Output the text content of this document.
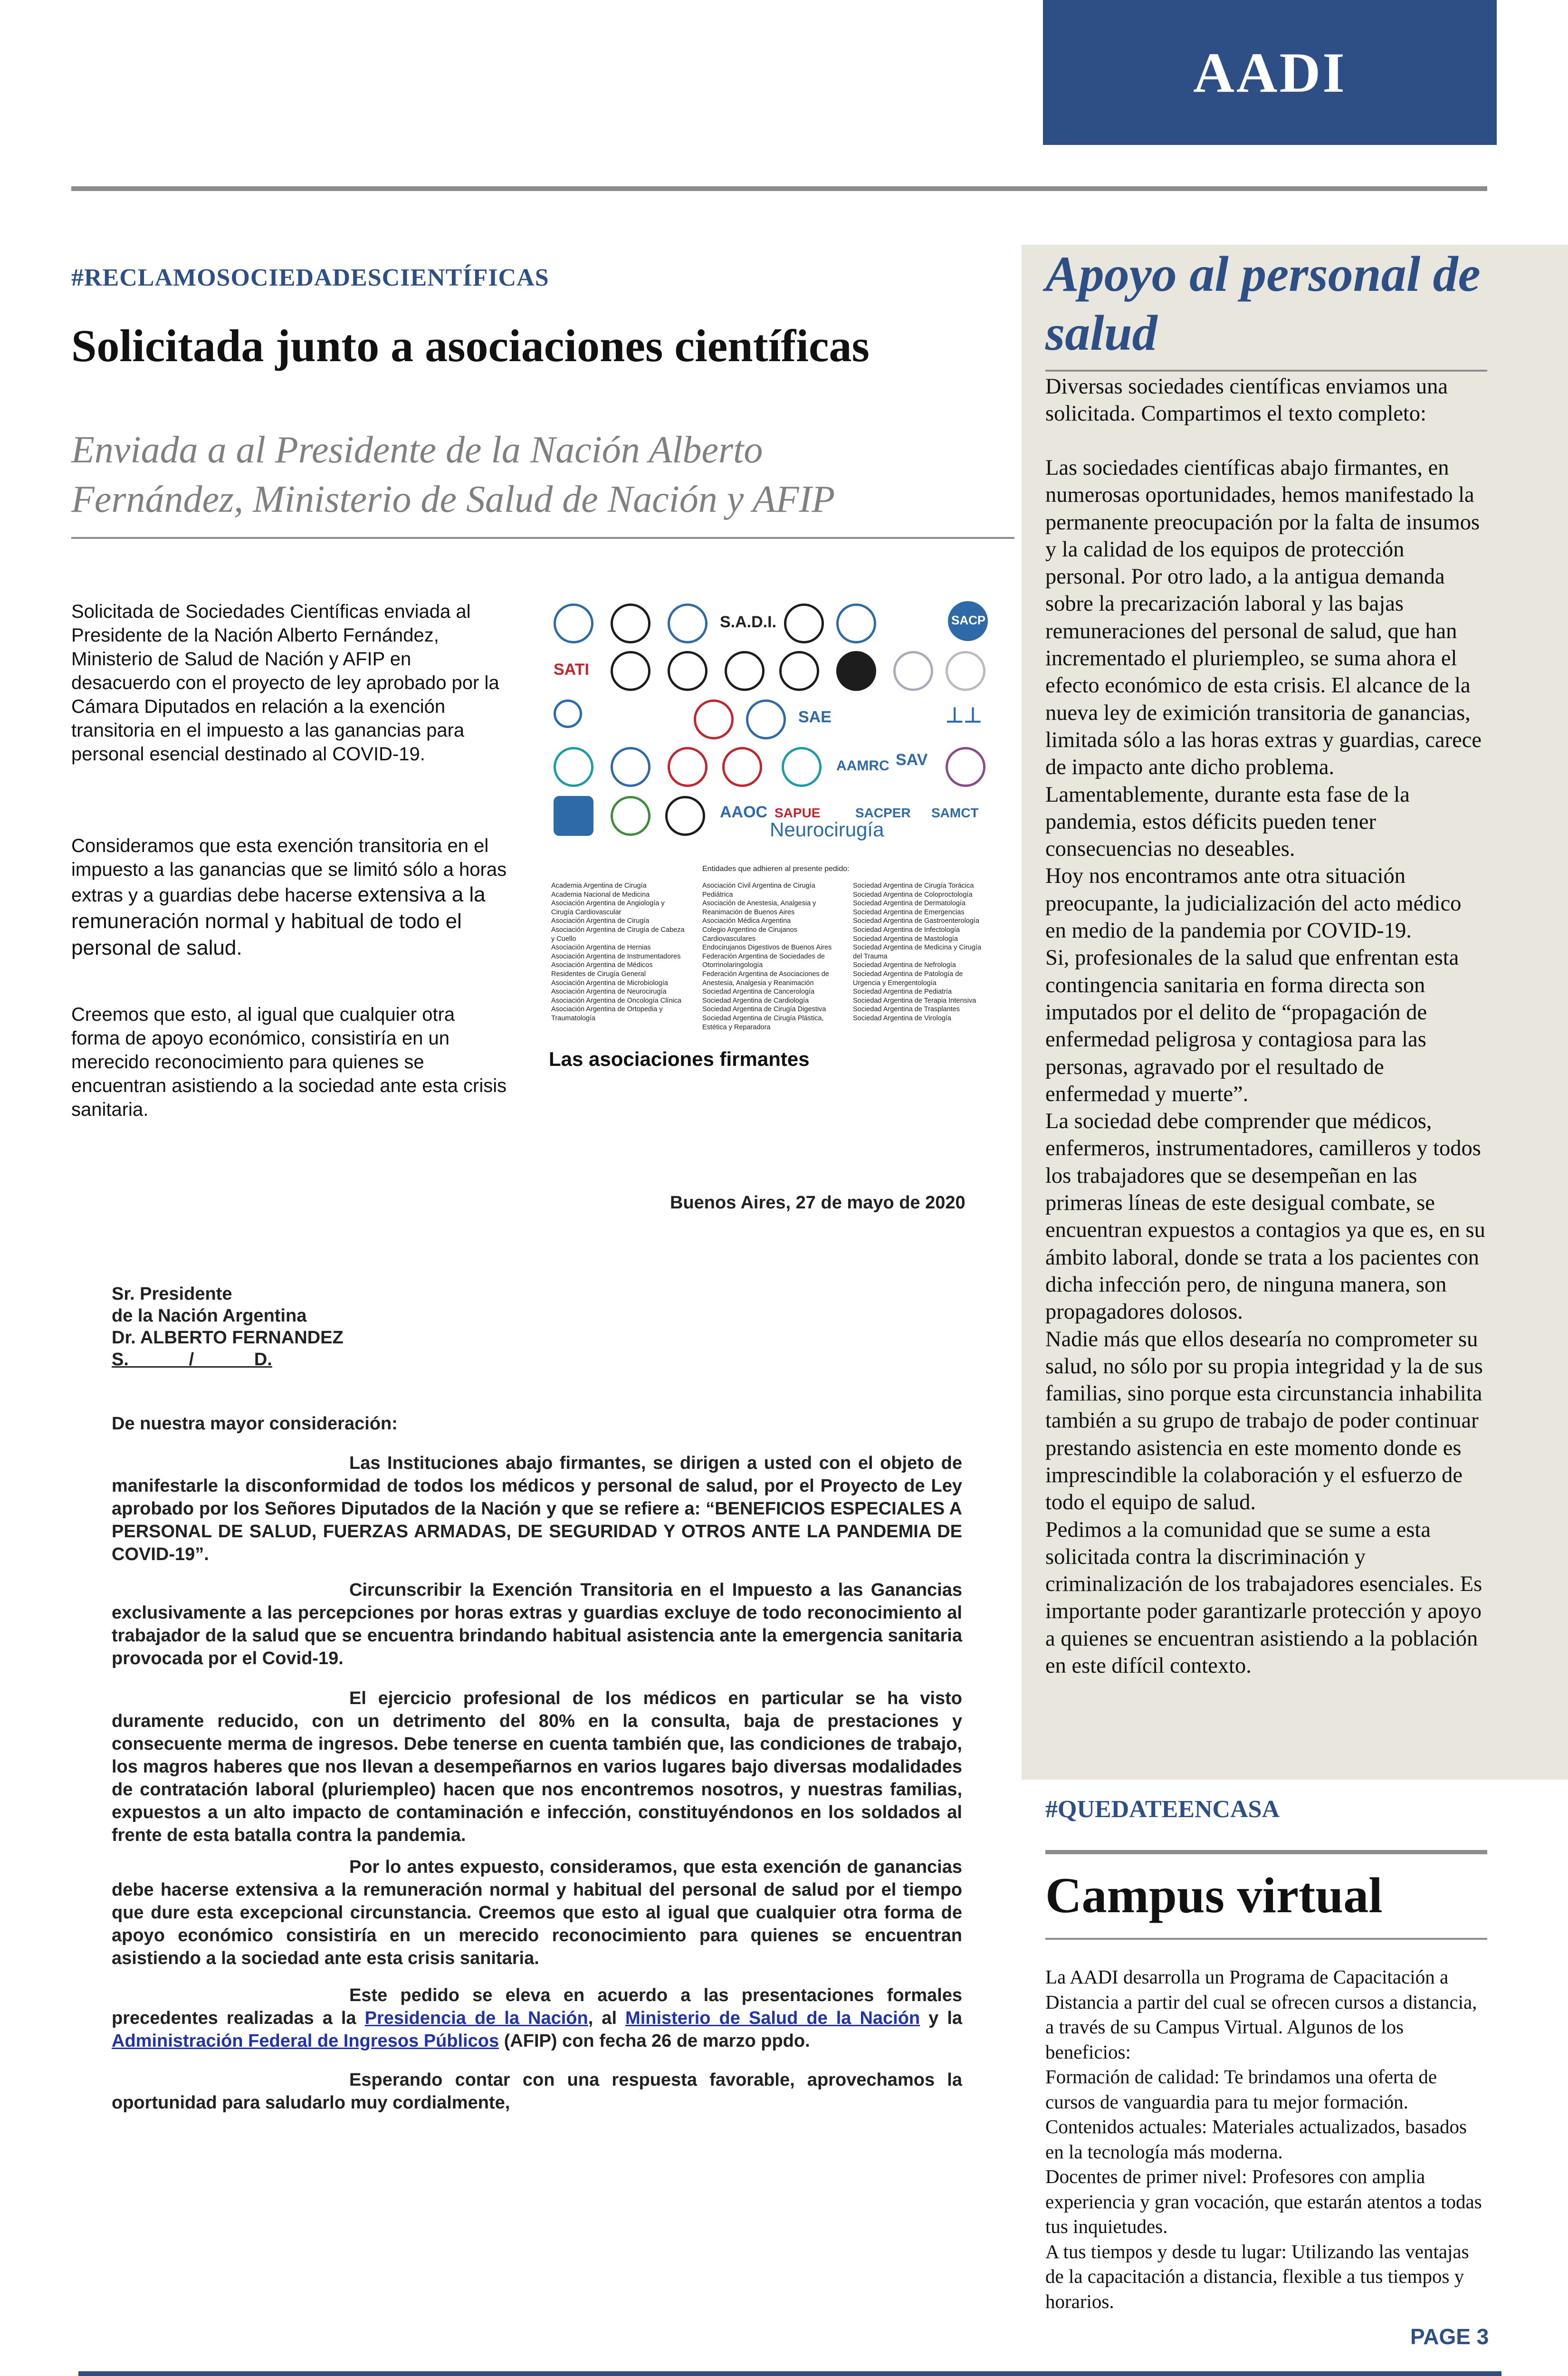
AADI
#RECLAMOSOCIEDADESCIENTÍFICAS
Solicitada junto a asociaciones científicas
Enviada a al Presidente de la Nación Alberto
Fernández, Ministerio de Salud de Nación y AFIP

Solicitada de Sociedades Científicas enviada al Presidente de la Nación Alberto Fernández, Ministerio de Salud de Nación y AFIP en desacuerdo con el proyecto de ley aprobado por la Cámara Diputados en relación a la exención transitoria en el impuesto a las ganancias para personal esencial destinado al COVID-19.

Consideramos que esta exención transitoria en el impuesto a las ganancias que se limitó sólo a horas extras y a guardias debe hacerse extensiva a la remuneración normal y habitual de todo el personal de salud.

Creemos que esto, al igual que cualquier otra forma de apoyo económico, consistiría en un merecido reconocimiento para quienes se encuentran asistiendo a la sociedad ante esta crisis sanitaria.

S.A.D.I.	SACP
SATI
SAE	⊥⊥
AAMRC SAV
AAOC SAPUE	SACPER SAMCT
Neurocirugía
Entidades que adhieren al presente pedido:
Academia Argentina de Cirugía
Academia Nacional de Medicina
Asociación Argentina de Angiología y
Cirugía Cardiovascular
Asociación Argentina de Cirugía
Asociación Argentina de Cirugía de Cabeza
y Cuello
Asociación Argentina de Hernias
Asociación Argentina de Instrumentadores
Asociación Argentina de Médicos
Residentes de Cirugía General
Asociación Argentina de Microbiología
Asociación Argentina de Neurocirugía
Asociación Argentina de Oncología Clínica
Asociación Argentina de Ortopedia y
Traumatología
Asociación Civil Argentina de Cirugía
Pediátrica
Asociación de Anestesia, Analgesia y
Reanimación de Buenos Aires
Asociación Médica Argentina
Colegio Argentino de Cirujanos
Cardiovasculares
Endocirujanos Digestivos de Buenos Aires
Federación Argentina de Sociedades de
Otorrinolaringología
Federación Argentina de Asociaciones de
Anestesia, Analgesia y Reanimación
Sociedad Argentina de Cancerología
Sociedad Argentina de Cardiología
Sociedad Argentina de Cirugía Digestiva
Sociedad Argentina de Cirugía Plástica,
Estética y Reparadora
Sociedad Argentina de Cirugía Torácica
Sociedad Argentina de Coloproctología
Sociedad Argentina de Dermatología
Sociedad Argentina de Emergencias
Sociedad Argentina de Gastroenterología
Sociedad Argentina de Infectología
Sociedad Argentina de Mastología
Sociedad Argentina de Medicina y Cirugía
del Trauma
Sociedad Argentina de Nefrología
Sociedad Argentina de Patología de
Urgencia y Emergentología
Sociedad Argentina de Pediatría
Sociedad Argentina de Terapia Intensiva
Sociedad Argentina de Trasplantes
Sociedad Argentina de Virología
Las asociaciones firmantes
Buenos Aires, 27 de mayo de 2020
Sr. Presidente
de la Nación Argentina
Dr. ALBERTO FERNANDEZ
S.            /            D.
De nuestra mayor consideración:

Las Instituciones abajo firmantes, se dirigen a usted con el objeto de manifestarle la disconformidad de todos los médicos y personal de salud, por el Proyecto de Ley aprobado por los Señores Diputados de la Nación y que se refiere a: “BENEFICIOS ESPECIALES A PERSONAL DE SALUD, FUERZAS ARMADAS, DE SEGURIDAD Y OTROS ANTE LA PANDEMIA DE COVID-19”.

Circunscribir la Exención Transitoria en el Impuesto a las Ganancias exclusivamente a las percepciones por horas extras y guardias excluye de todo reconocimiento al trabajador de la salud que se encuentra brindando habitual asistencia ante la emergencia sanitaria provocada por el Covid-19.

El ejercicio profesional de los médicos en particular se ha visto duramente reducido, con un detrimento del 80% en la consulta, baja de prestaciones y consecuente merma de ingresos. Debe tenerse en cuenta también que, las condiciones de trabajo, los magros haberes que nos llevan a desempeñarnos en varios lugares bajo diversas modalidades de contratación laboral (pluriempleo) hacen que nos encontremos nosotros, y nuestras familias, expuestos a un alto impacto de contaminación e infección, constituyéndonos en los soldados al frente de esta batalla contra la pandemia.

Por lo antes expuesto, consideramos, que esta exención de ganancias debe hacerse extensiva a la remuneración normal y habitual del personal de salud por el tiempo que dure esta excepcional circunstancia. Creemos que esto al igual que cualquier otra forma de apoyo económico consistiría en un merecido reconocimiento para quienes se encuentran asistiendo a la sociedad ante esta crisis sanitaria.

Este pedido se eleva en acuerdo a las presentaciones formales precedentes realizadas a la Presidencia de la Nación, al Ministerio de Salud de la Nación y la Administración Federal de Ingresos Públicos (AFIP) con fecha 26 de marzo ppdo.

Esperando contar con una respuesta favorable, aprovechamos la oportunidad para saludarlo muy cordialmente,

Apoyo al personal de salud

Diversas sociedades científicas enviamos una solicitada. Compartimos el texto completo:

Las sociedades científicas abajo firmantes, en numerosas oportunidades, hemos manifestado la permanente preocupación por la falta de insumos y la calidad de los equipos de protección personal. Por otro lado, a la antigua demanda sobre la precarización laboral y las bajas remuneraciones del personal de salud, que han incrementado el pluriempleo, se suma ahora el efecto económico de esta crisis. El alcance de la nueva ley de eximición transitoria de ganancias, limitada sólo a las horas extras y guardias, carece de impacto ante dicho problema. Lamentablemente, durante esta fase de la pandemia, estos déficits pueden tener consecuencias no deseables.

Hoy nos encontramos ante otra situación preocupante, la judicialización del acto médico en medio de la pandemia por COVID-19.

Si, profesionales de la salud que enfrentan esta contingencia sanitaria en forma directa son imputados por el delito de “propagación de enfermedad peligrosa y contagiosa para las personas, agravado por el resultado de enfermedad y muerte”.

La sociedad debe comprender que médicos, enfermeros, instrumentadores, camilleros y todos los trabajadores que se desempeñan en las primeras líneas de este desigual combate, se encuentran expuestos a contagios ya que es, en su ámbito laboral, donde se trata a los pacientes con dicha infección pero, de ninguna manera, son propagadores dolosos.

Nadie más que ellos desearía no comprometer su salud, no sólo por su propia integridad y la de sus familias, sino porque esta circunstancia inhabilita también a su grupo de trabajo de poder continuar prestando asistencia en este momento donde es imprescindible la colaboración y el esfuerzo de todo el equipo de salud.

Pedimos a la comunidad que se sume a esta solicitada contra la discriminación y criminalización de los trabajadores esenciales. Es importante poder garantizarle protección y apoyo a quienes se encuentran asistiendo a la población en este difícil contexto.

#QUEDATEENCASA
Campus virtual

La AADI desarrolla un Programa de Capacitación a Distancia a partir del cual se ofrecen cursos a distancia, a través de su Campus Virtual. Algunos de los beneficios:

Formación de calidad: Te brindamos una oferta de cursos de vanguardia para tu mejor formación.

Contenidos actuales: Materiales actualizados, basados en la tecnología más moderna.

Docentes de primer nivel: Profesores con amplia experiencia y gran vocación, que estarán atentos a todas tus inquietudes.

A tus tiempos y desde tu lugar: Utilizando las ventajas de la capacitación a distancia, flexible a tus tiempos y horarios.

PAGE 3
